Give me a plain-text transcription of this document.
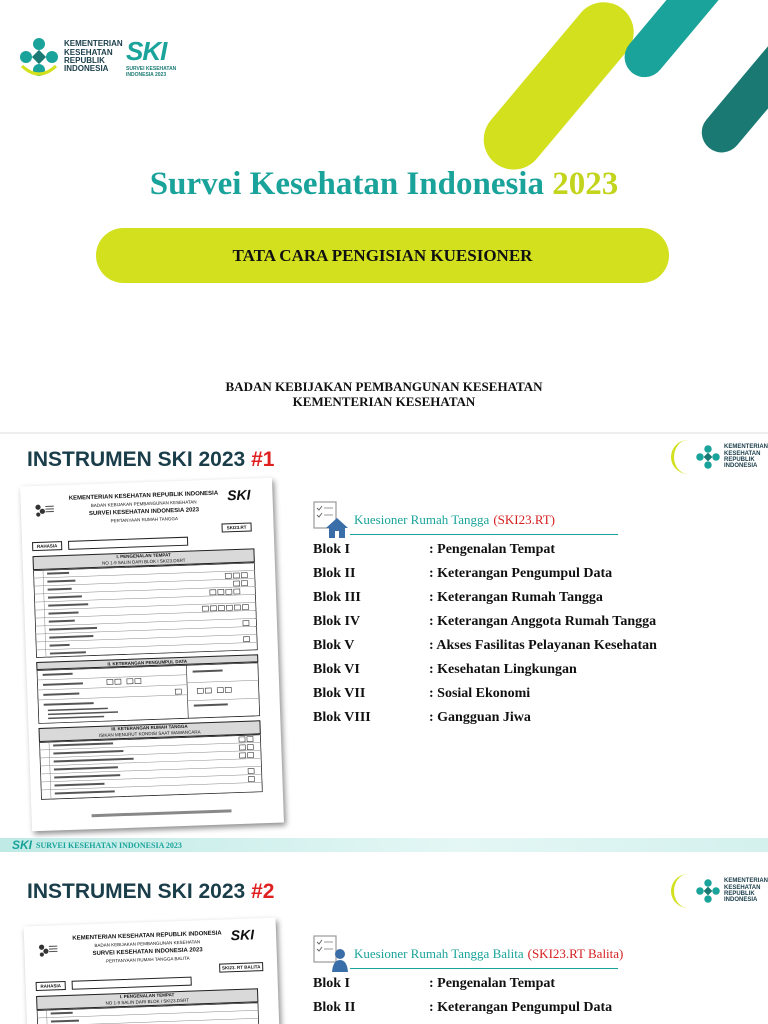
KEMENTERIAN
KESEHATAN
REPUBLIK
INDONESIA
SKI
SURVEI KESEHATAN INDONESIA 2023
Survei Kesehatan Indonesia 2023
TATA CARA PENGISIAN KUESIONER
BADAN KEBIJAKAN PEMBANGUNAN KESEHATAN
KEMENTERIAN KESEHATAN
INSTRUMEN SKI 2023 #1
KEMENTERIAN
KESEHATAN
REPUBLIK
INDONESIA
KEMENTERIAN KESEHATAN REPUBLIK INDONESIA
BADAN KEBIJAKAN PEMBANGUNAN KESEHATAN
SURVEI KESEHATAN INDONESIA 2023
PERTANYAAN RUMAH TANGGA
SKI
SKI23.RT
RAHASIA
I. PENGENALAN TEMPAT
NO 1-9 SALIN DARI BLOK I SKI23.DSRT
II. KETERANGAN PENGUMPUL DATA
III. KETERANGAN RUMAH TANGGA
ISIKAN MENURUT KONDISI SAAT WAWANCARA
Kuesioner Rumah Tangga (SKI23.RT)
Blok I	: Pengenalan Tempat
Blok II	: Keterangan Pengumpul Data
Blok III	: Keterangan Rumah Tangga
Blok IV	: Keterangan Anggota Rumah Tangga
Blok V	: Akses Fasilitas Pelayanan Kesehatan
Blok VI	: Kesehatan Lingkungan
Blok VII	: Sosial Ekonomi
Blok VIII	: Gangguan Jiwa
SKI SURVEI KESEHATAN INDONESIA 2023
INSTRUMEN SKI 2023 #2	KEMENTERIAN
KESEHATAN
REPUBLIK
INDONESIA
KEMENTERIAN KESEHATAN REPUBLIK INDONESIA
BADAN KEBIJAKAN PEMBANGUNAN KESEHATAN
SURVEI KESEHATAN INDONESIA 2023
PERTANYAAN RUMAH TANGGA BALITA
SKI
SKI23. RT BALITA
RAHASIA
I. PENGENALAN TEMPAT
NO 1-9 SALIN DARI BLOK I SKI23.DSRT
Kuesioner Rumah Tangga Balita (SKI23.RT Balita)
Blok I	: Pengenalan Tempat
Blok II	: Keterangan Pengumpul Data
